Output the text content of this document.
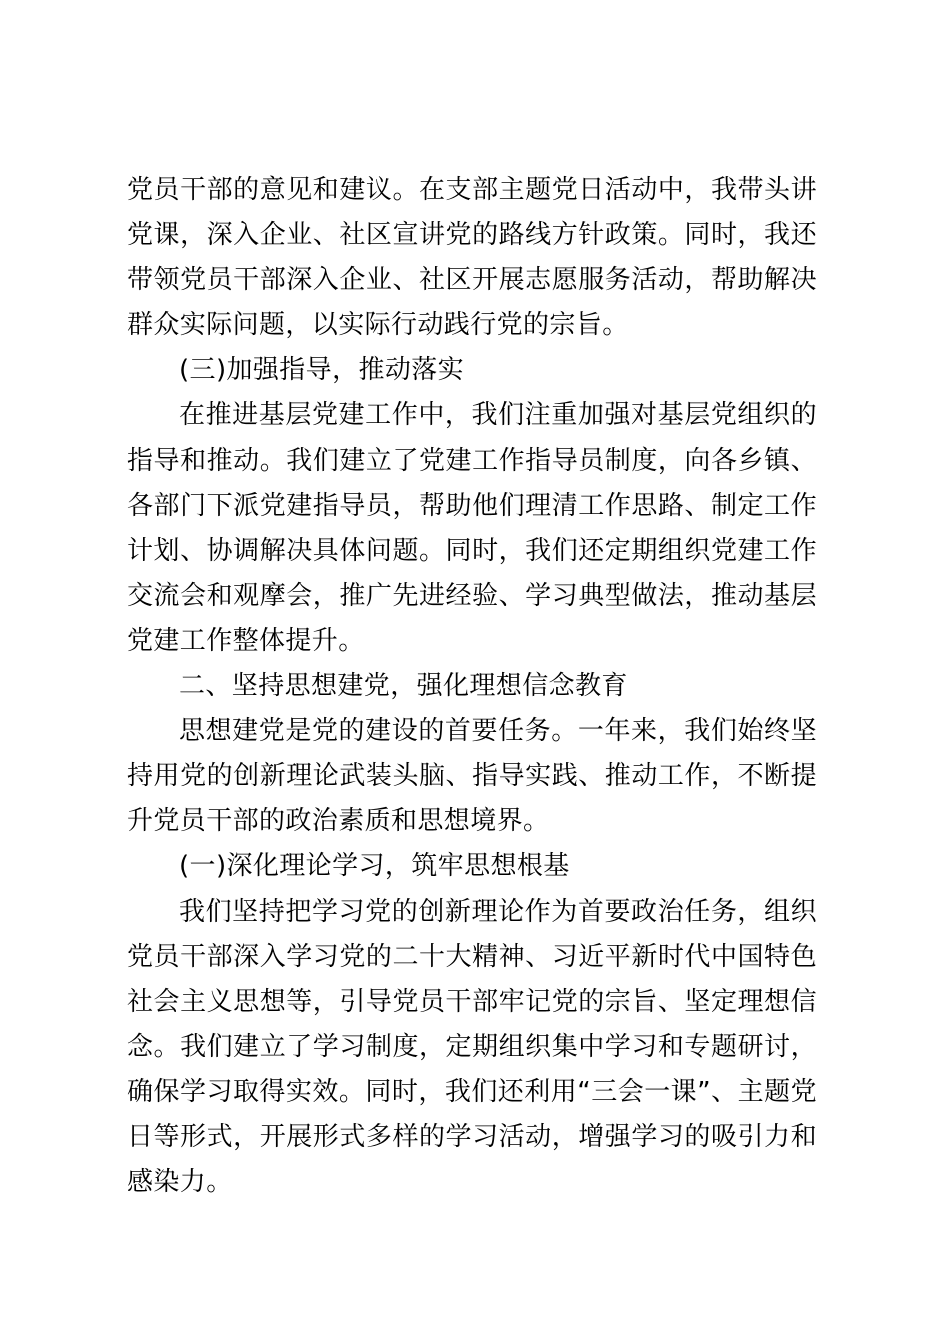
党员干部的意见和建议。在支部主题党日活动中，我带头讲党课，深入企业、社区宣讲党的路线方针政策。同时，我还带领党员干部深入企业、社区开展志愿服务活动，帮助解决群众实际问题，以实际行动践行党的宗旨。

(三)加强指导，推动落实

在推进基层党建工作中，我们注重加强对基层党组织的指导和推动。我们建立了党建工作指导员制度，向各乡镇、各部门下派党建指导员，帮助他们理清工作思路、制定工作计划、协调解决具体问题。同时，我们还定期组织党建工作交流会和观摩会，推广先进经验、学习典型做法，推动基层党建工作整体提升。

二、坚持思想建党，强化理想信念教育

思想建党是党的建设的首要任务。一年来，我们始终坚持用党的创新理论武装头脑、指导实践、推动工作，不断提升党员干部的政治素质和思想境界。

(一)深化理论学习，筑牢思想根基

我们坚持把学习党的创新理论作为首要政治任务，组织党员干部深入学习党的二十大精神、习近平新时代中国特色社会主义思想等，引导党员干部牢记党的宗旨、坚定理想信念。我们建立了学习制度，定期组织集中学习和专题研讨，确保学习取得实效。同时，我们还利用“三会一课”、主题党日等形式，开展形式多样的学习活动，增强学习的吸引力和感染力。
